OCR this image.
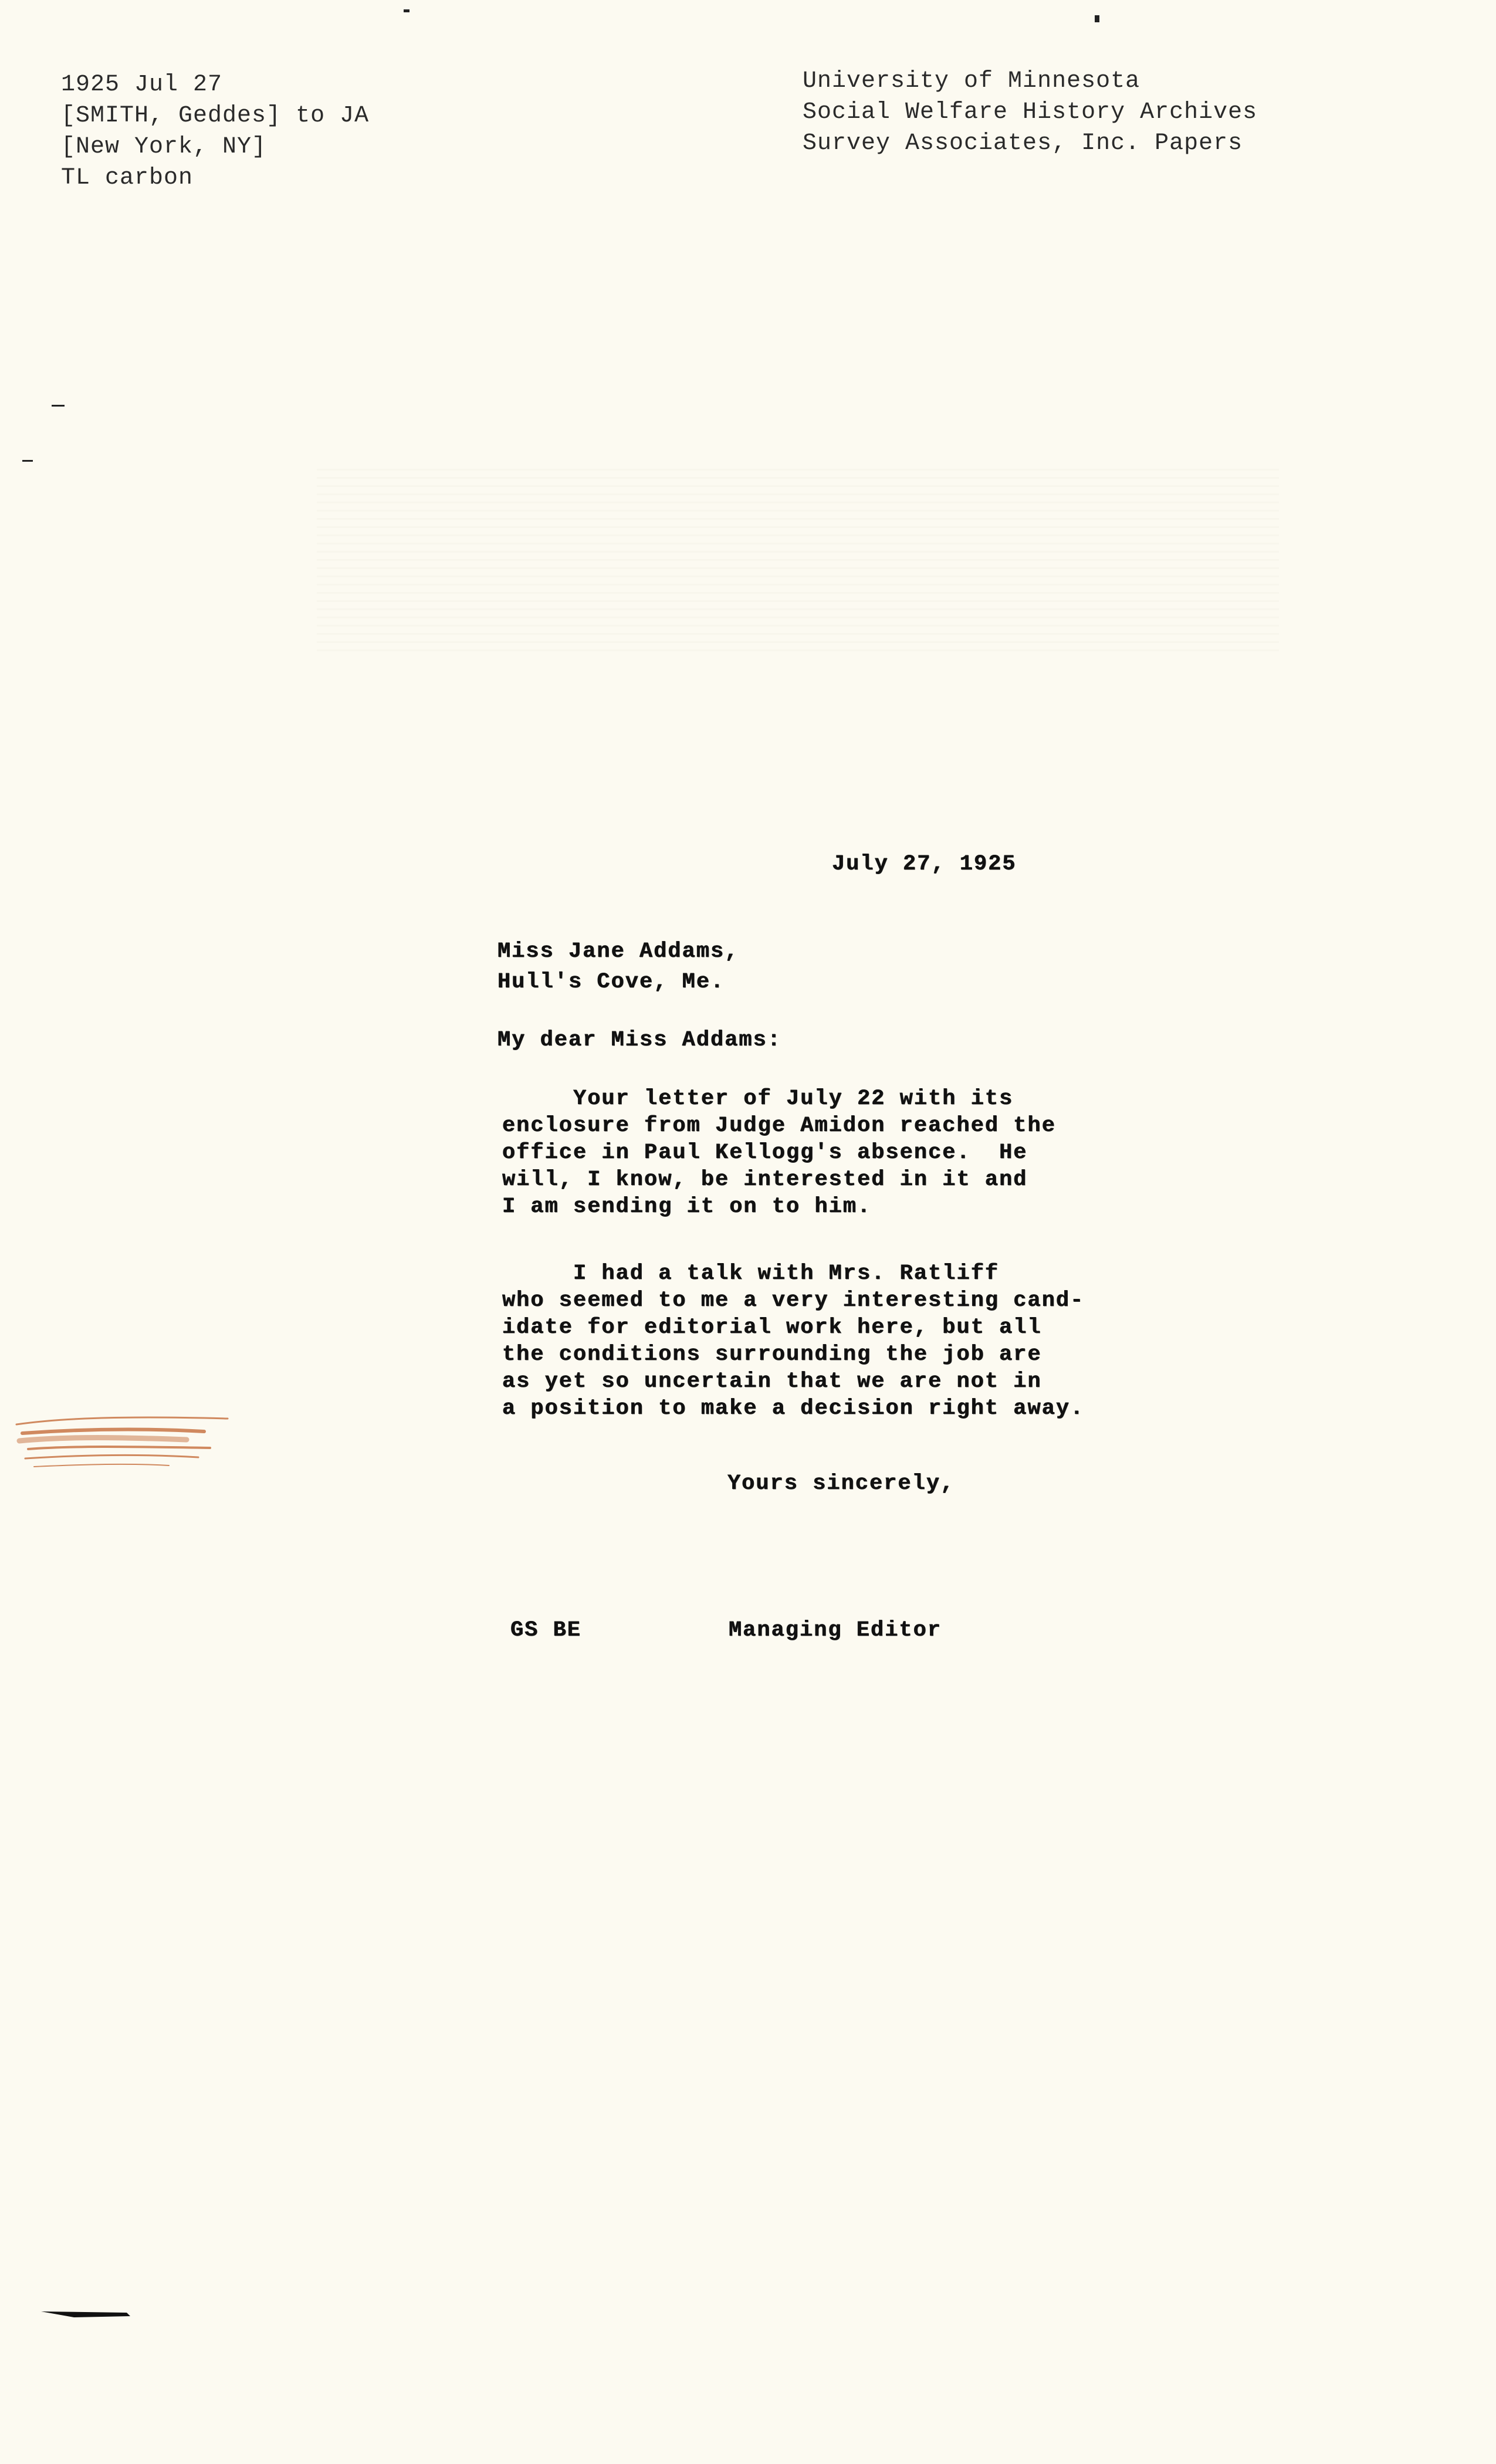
1925 Jul 27
[SMITH, Geddes] to JA
[New York, NY]
TL carbon
University of Minnesota
Social Welfare History Archives
Survey Associates, Inc. Papers
July 27, 1925
Miss Jane Addams,
Hull's Cove, Me.
My dear Miss Addams:
Your letter of July 22 with its
enclosure from Judge Amidon reached the
office in Paul Kellogg's absence.  He
will, I know, be interested in it and
I am sending it on to him.
I had a talk with Mrs. Ratliff
who seemed to me a very interesting cand-
idate for editorial work here, but all
the conditions surrounding the job are
as yet so uncertain that we are not in
a position to make a decision right away.
Yours sincerely,
GS BE	Managing Editor
